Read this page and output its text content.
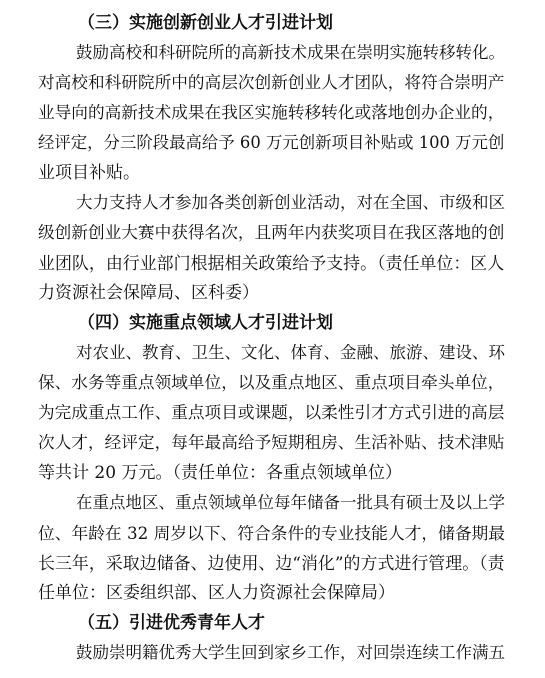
（三）实施创新创业人才引进计划
鼓励高校和科研院所的高新技术成果在崇明实施转移转化。
对高校和科研院所中的高层次创新创业人才团队，将符合崇明产
业导向的高新技术成果在我区实施转移转化或落地创办企业的，
经评定，分三阶段最高给予 60 万元创新项目补贴或 100 万元创
业项目补贴。
大力支持人才参加各类创新创业活动，对在全国、市级和区
级创新创业大赛中获得名次，且两年内获奖项目在我区落地的创
业团队，由行业部门根据相关政策给予支持。（责任单位：区人
力资源社会保障局、区科委）
（四）实施重点领域人才引进计划
对农业、教育、卫生、文化、体育、金融、旅游、建设、环
保、水务等重点领域单位，以及重点地区、重点项目牵头单位，
为完成重点工作、重点项目或课题，以柔性引才方式引进的高层
次人才，经评定，每年最高给予短期租房、生活补贴、技术津贴
等共计 20 万元。（责任单位：各重点领域单位）
在重点地区、重点领域单位每年储备一批具有硕士及以上学
位、年龄在 32 周岁以下、符合条件的专业技能人才，储备期最
长三年，采取边储备、边使用、边“消化”的方式进行管理。（责
任单位：区委组织部、区人力资源社会保障局）
（五）引进优秀青年人才
鼓励崇明籍优秀大学生回到家乡工作，对回崇连续工作满五
